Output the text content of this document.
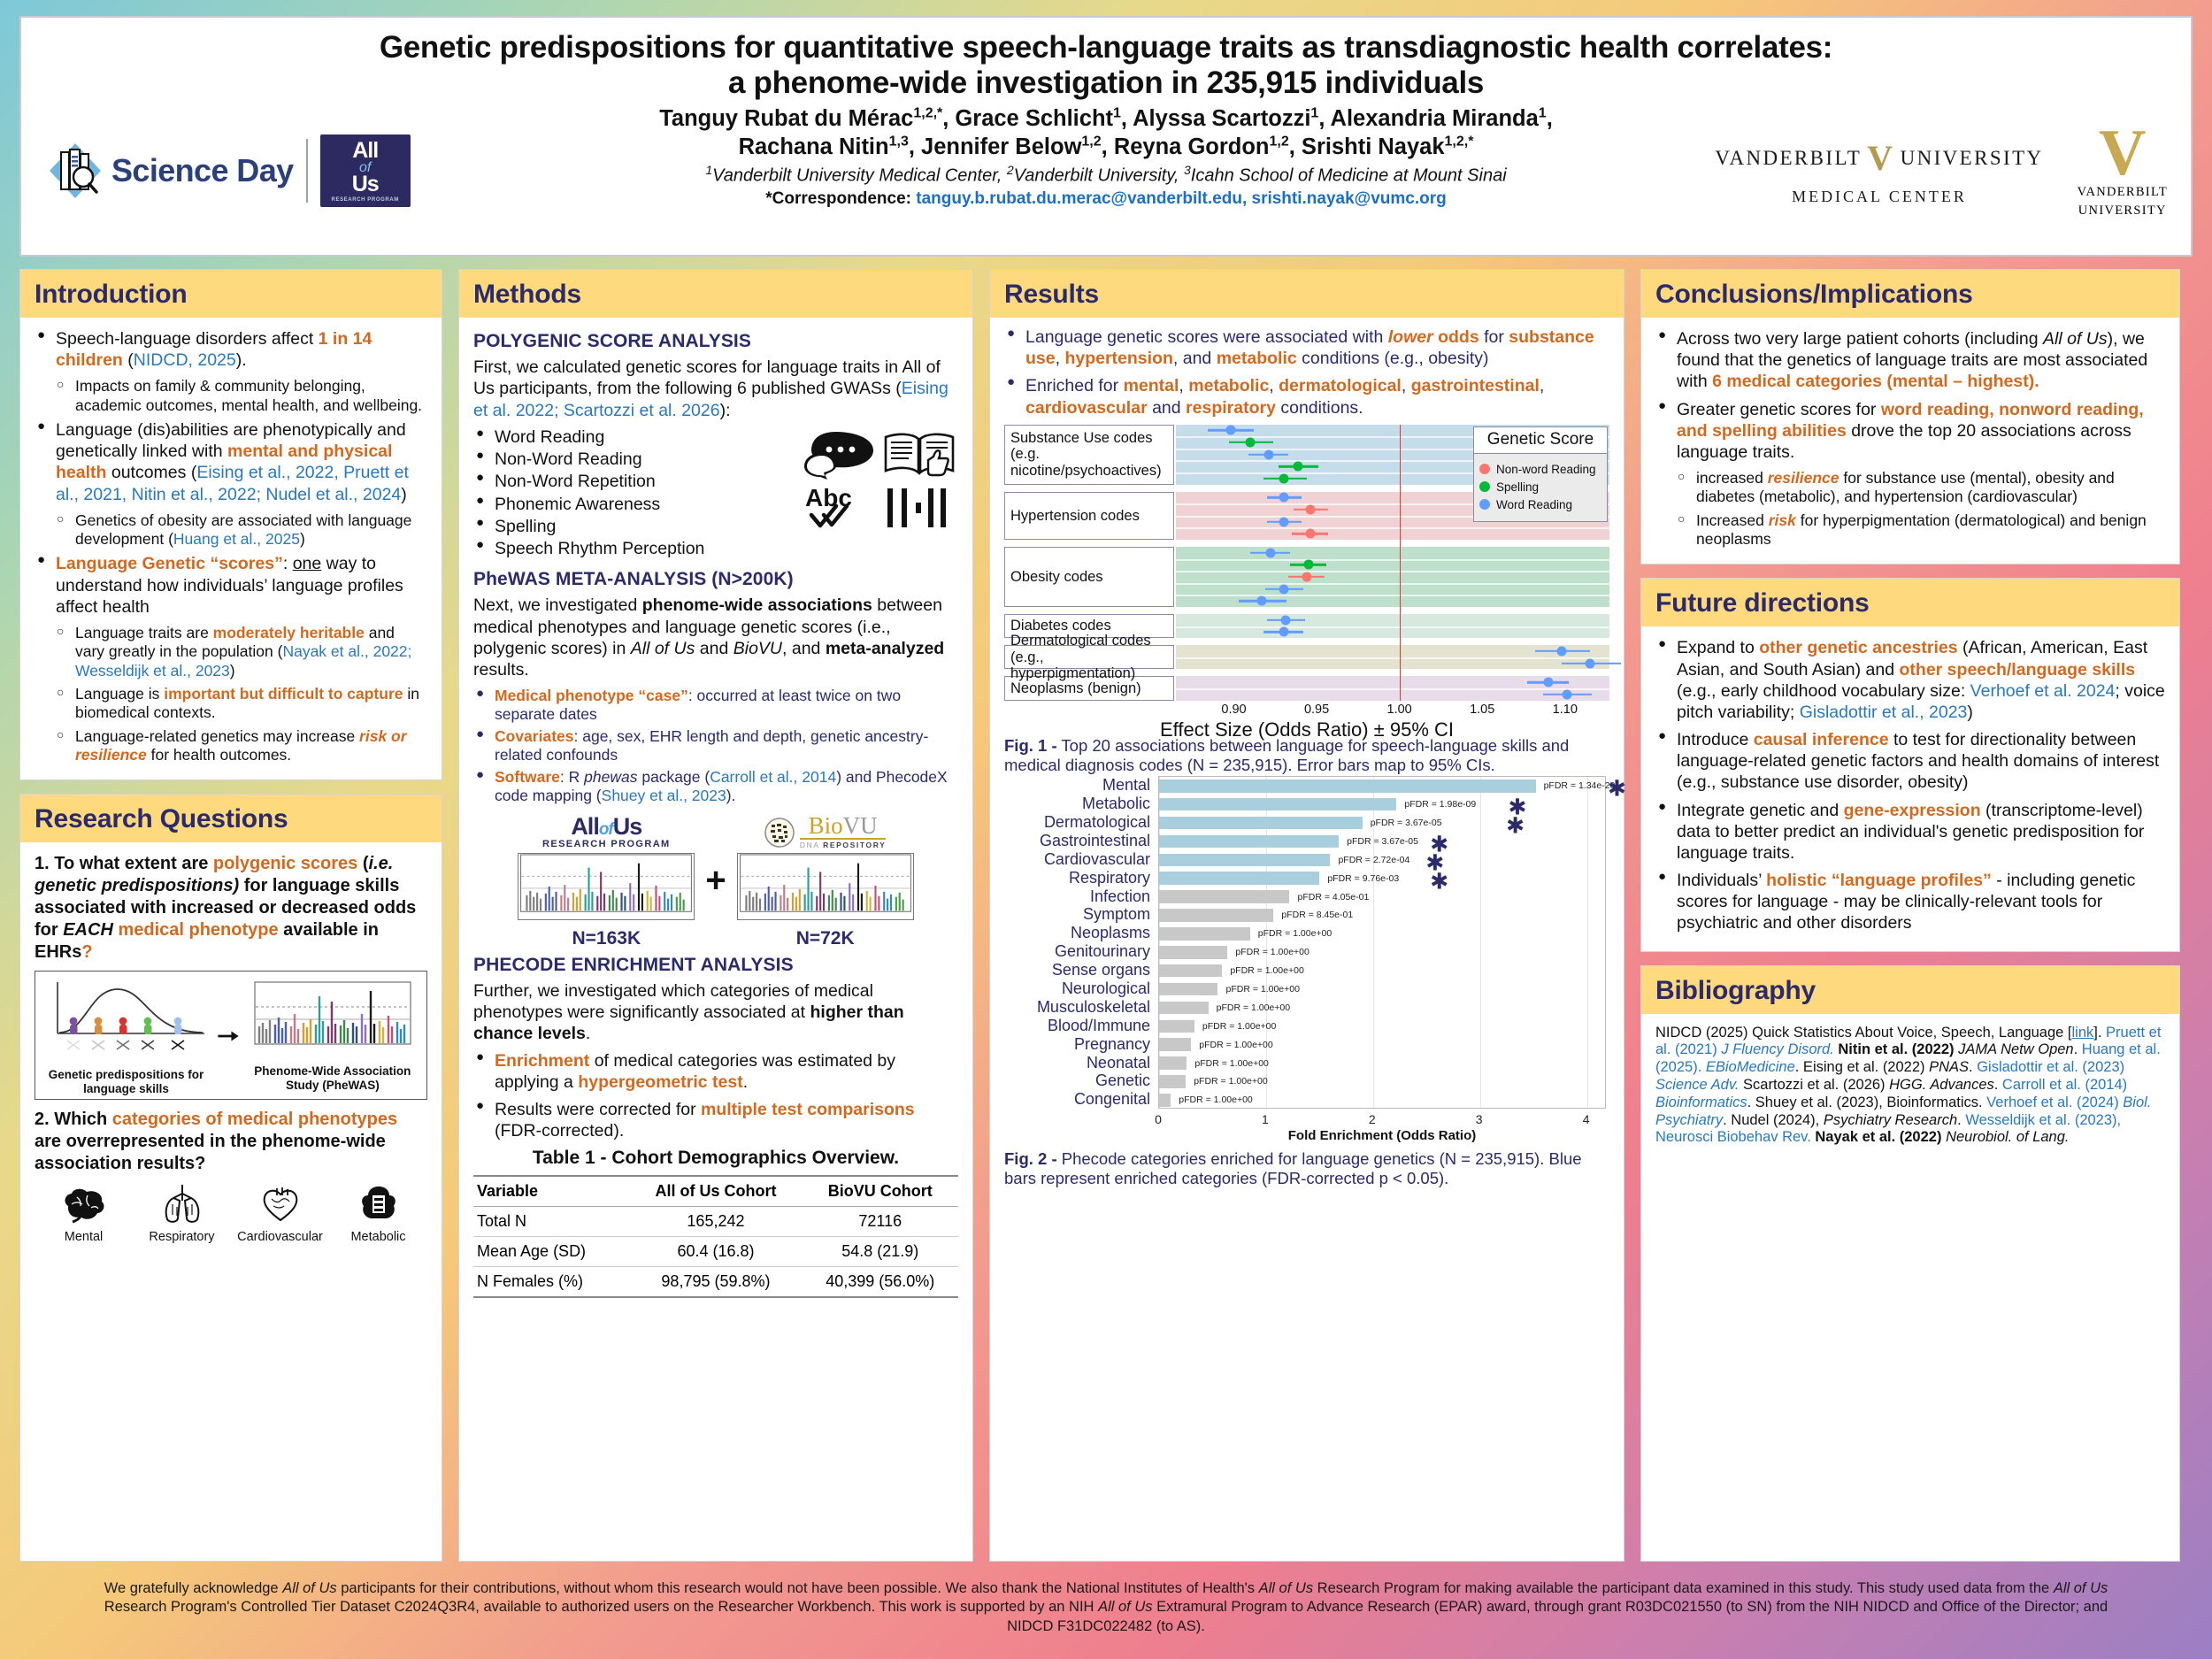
Genetic predispositions for quantitative speech-language traits as transdiagnostic health correlates:
a phenome-wide investigation in 235,915 individuals
Tanguy Rubat du Mérac$^{1,2,*}$, Grace Schlicht$^1$, Alyssa Scartozzi$^1$, Alexandria Miranda$^1$,
Rachana Nitin$^{1,3}$, Jennifer Below$^{1,2}$, Reyna Gordon$^{1,2}$, Srishti Nayak$^{1,2,*}$
$^1$Vanderbilt University Medical Center, $^2$Vanderbilt University, $^3$Icahn School of Medicine at Mount Sinai
*Correspondence: tanguy.b.rubat.du.merac@vanderbilt.edu, srishti.nayak@vumc.org
Science Day
All
of
Us
RESEARCH PROGRAM
VANDERBILT V UNIVERSITY
MEDICAL CENTER
V
VANDERBILT
UNIVERSITY
Introduction
● Speech-language disorders affect 1 in 14 children (NIDCD, 2025).
○ Impacts on family & community belonging, academic outcomes, mental health, and wellbeing.
● Language (dis)abilities are phenotypically and genetically linked with mental and physical health outcomes (Eising et al., 2022, Pruett et al., 2021, Nitin et al., 2022; Nudel et al., 2024)
○ Genetics of obesity are associated with language development (Huang et al., 2025)
● Language Genetic “scores”: one way to understand how individuals’ language profiles affect health
○ Language traits are moderately heritable and vary greatly in the population (Nayak et al., 2022; Wesseldijk et al., 2023)
○ Language is important but difficult to capture in biomedical contexts.
○ Language-related genetics may increase risk or resilience for health outcomes.
Research Questions
1. To what extent are polygenic scores (i.e. genetic predispositions) for language skills associated with increased or decreased odds for EACH medical phenotype available in EHRs?
Genetic predispositions for language skills
Phenome-Wide Association Study (PheWAS)
2. Which categories of medical phenotypes are overrepresented in the phenome-wide association results?
Mental	Respiratory	Cardiovascular	Metabolic
Methods
POLYGENIC SCORE ANALYSIS
First, we calculated genetic scores for language traits in All of Us participants, from the following 6 published GWASs (Eising et al. 2022; Scartozzi et al. 2026):
● Word Reading
● Non-Word Reading
● Non-Word Repetition
● Phonemic Awareness
● Spelling
● Speech Rhythm Perception
Abc
PheWAS META-ANALYSIS (N>200K)
Next, we investigated phenome-wide associations between medical phenotypes and language genetic scores (i.e., polygenic scores) in All of Us and BioVU, and meta-analyzed results.
● Medical phenotype “case”: occurred at least twice on two separate dates
● Covariates: age, sex, EHR length and depth, genetic ancestry-related confounds
● Software: R phewas package (Carroll et al., 2014) and PhecodeX code mapping (Shuey et al., 2023).
AllofUs
RESEARCH PROGRAM
N=163K
+
BioVU
DNA REPOSITORY
N=72K
PHECODE ENRICHMENT ANALYSIS
Further, we investigated which categories of medical phenotypes were significantly associated at higher than chance levels.
● Enrichment of medical categories was estimated by applying a hypergeometric test.
● Results were corrected for multiple test comparisons (FDR-corrected).
Table 1 - Cohort Demographics Overview.
Variable	All of Us Cohort	BioVU Cohort
Total N	165,242	72116
Mean Age (SD)	60.4 (16.8)	54.8 (21.9)
N Females (%)	98,795 (59.8%)	40,399 (56.0%)
Results
● Language genetic scores were associated with lower odds for substance use, hypertension, and metabolic conditions (e.g., obesity)
● Enriched for mental, metabolic, dermatological, gastrointestinal, cardiovascular and respiratory conditions.
Substance Use codes (e.g. nicotine/psychoactives)
Hypertension codes
Obesity codes
Diabetes codes
Dermatological codes (e.g., hyperpigmentation)
Neoplasms (benign)
0.90	0.95	1.00	1.05	1.10
Effect Size (Odds Ratio) ± 95% CI
Genetic Score
Non-word Reading
Spelling
Word Reading
Fig. 1 - Top 20 associations between language for speech-language skills and medical diagnosis codes (N = 235,915). Error bars map to 95% CIs.
Mental
Metabolic
Dermatological
Gastrointestinal
Cardiovascular
Respiratory
Infection
Symptom
Neoplasms
Genitourinary
Sense organs
Neurological
Musculoskeletal
Blood/Immune
Pregnancy
Neonatal
Genetic
Congenital
pFDR = 1.34e-20
✱
pFDR = 1.98e-09 ✱
pFDR = 3.67e-05	✱
pFDR = 3.67e-05 ✱
pFDR = 2.72e-04 ✱
pFDR = 9.76e-03 ✱
pFDR = 4.05e-01
pFDR = 8.45e-01
pFDR = 1.00e+00
pFDR = 1.00e+00
pFDR = 1.00e+00
pFDR = 1.00e+00
pFDR = 1.00e+00
pFDR = 1.00e+00
pFDR = 1.00e+00
pFDR = 1.00e+00
pFDR = 1.00e+00
pFDR = 1.00e+00
0	1	2	3	4
Fold Enrichment (Odds Ratio)
Fig. 2 - Phecode categories enriched for language genetics (N = 235,915). Blue bars represent enriched categories (FDR-corrected p < 0.05).
Conclusions/Implications
● Across two very large patient cohorts (including All of Us), we found that the genetics of language traits are most associated with 6 medical categories (mental – highest).
● Greater genetic scores for word reading, nonword reading, and spelling abilities drove the top 20 associations across language traits.
○ increased resilience for substance use (mental), obesity and diabetes (metabolic), and hypertension (cardiovascular)
○ Increased risk for hyperpigmentation (dermatological) and benign neoplasms
Future directions
● Expand to other genetic ancestries (African, American, East Asian, and South Asian) and other speech/language skills (e.g., early childhood vocabulary size: Verhoef et al. 2024; voice pitch variability; Gisladottir et al., 2023)
● Introduce causal inference to test for directionality between language-related genetic factors and health domains of interest (e.g., substance use disorder, obesity)
● Integrate genetic and gene-expression (transcriptome-level) data to better predict an individual's genetic predisposition for language traits.
● Individuals’ holistic “language profiles” - including genetic scores for language - may be clinically-relevant tools for psychiatric and other disorders
Bibliography
NIDCD (2025) Quick Statistics About Voice, Speech, Language [link]. Pruett et al. (2021) J Fluency Disord. Nitin et al. (2022) JAMA Netw Open. Huang et al. (2025). EBioMedicine. Eising et al. (2022) PNAS. Gisladottir et al. (2023) Science Adv. Scartozzi et al. (2026) HGG. Advances. Carroll et al. (2014) Bioinformatics. Shuey et al. (2023), Bioinformatics. Verhoef et al. (2024) Biol. Psychiatry. Nudel (2024), Psychiatry Research. Wesseldijk et al. (2023), Neurosci Biobehav Rev. Nayak et al. (2022) Neurobiol. of Lang.
We gratefully acknowledge All of Us participants for their contributions, without whom this research would not have been possible. We also thank the National Institutes of Health's All of Us Research Program for making available the participant data examined in this study. This study used data from the All of Us Research Program's Controlled Tier Dataset C2024Q3R4, available to authorized users on the Researcher Workbench. This work is supported by an NIH All of Us Extramural Program to Advance Research (EPAR) award, through grant R03DC021550 (to SN) from the NIH NIDCD and Office of the Director; and NIDCD F31DC022482 (to AS).
